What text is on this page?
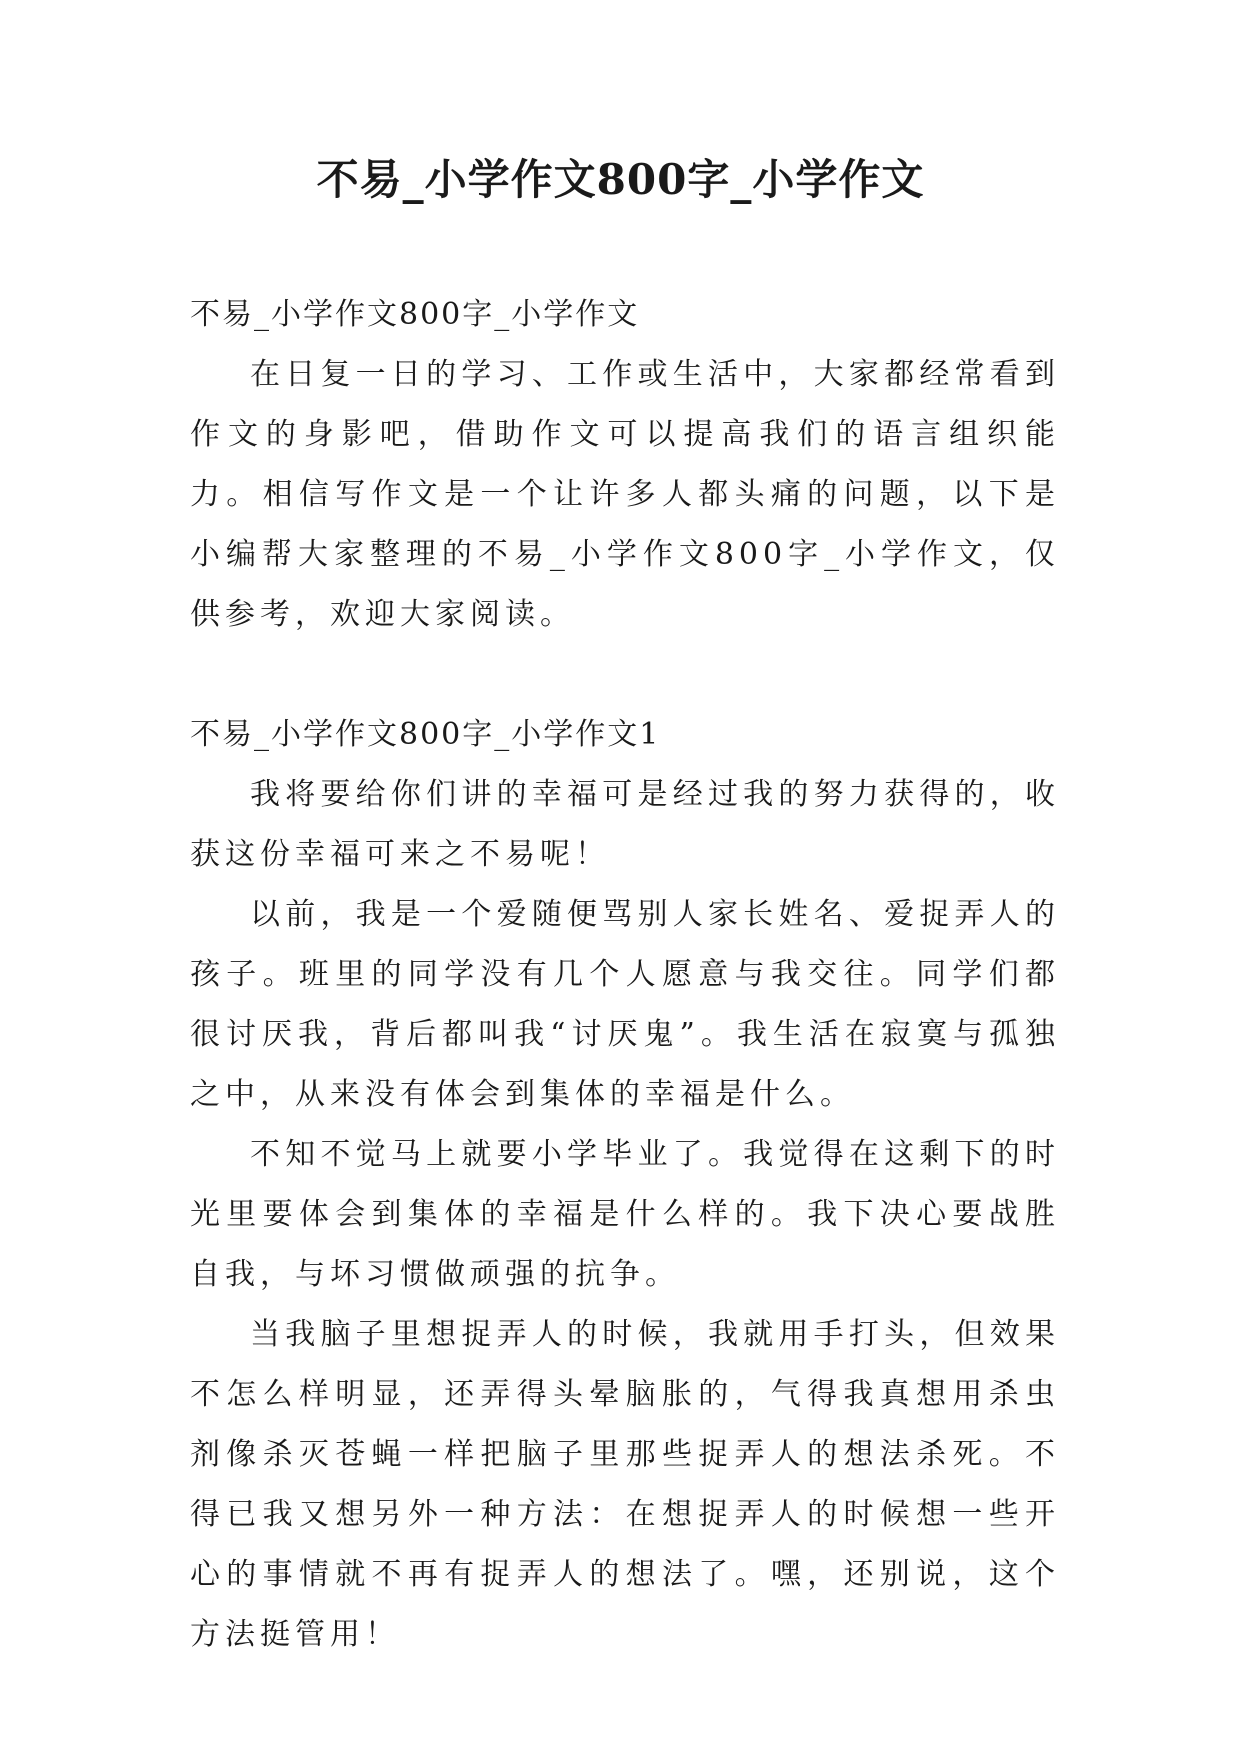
不易_小学作文800字_小学作文

不易_小学作文800字_小学作文

在日复一日的学习、工作或生活中，大家都经常看到作文的身影吧，借助作文可以提高我们的语言组织能力。相信写作文是一个让许多人都头痛的问题，以下是小编帮大家整理的不易_小学作文800字_小学作文，仅供参考，欢迎大家阅读。

不易_小学作文800字_小学作文1

我将要给你们讲的幸福可是经过我的努力获得的，收获这份幸福可来之不易呢！

以前，我是一个爱随便骂别人家长姓名、爱捉弄人的孩子。班里的同学没有几个人愿意与我交往。同学们都很讨厌我，背后都叫我“讨厌鬼”。我生活在寂寞与孤独之中，从来没有体会到集体的幸福是什么。

不知不觉马上就要小学毕业了。我觉得在这剩下的时光里要体会到集体的幸福是什么样的。我下决心要战胜自我，与坏习惯做顽强的抗争。

当我脑子里想捉弄人的时候，我就用手打头，但效果不怎么样明显，还弄得头晕脑胀的，气得我真想用杀虫剂像杀灭苍蝇一样把脑子里那些捉弄人的想法杀死。不得已我又想另外一种方法：在想捉弄人的时候想一些开心的事情就不再有捉弄人的想法了。嘿，还别说，这个方法挺管用！
